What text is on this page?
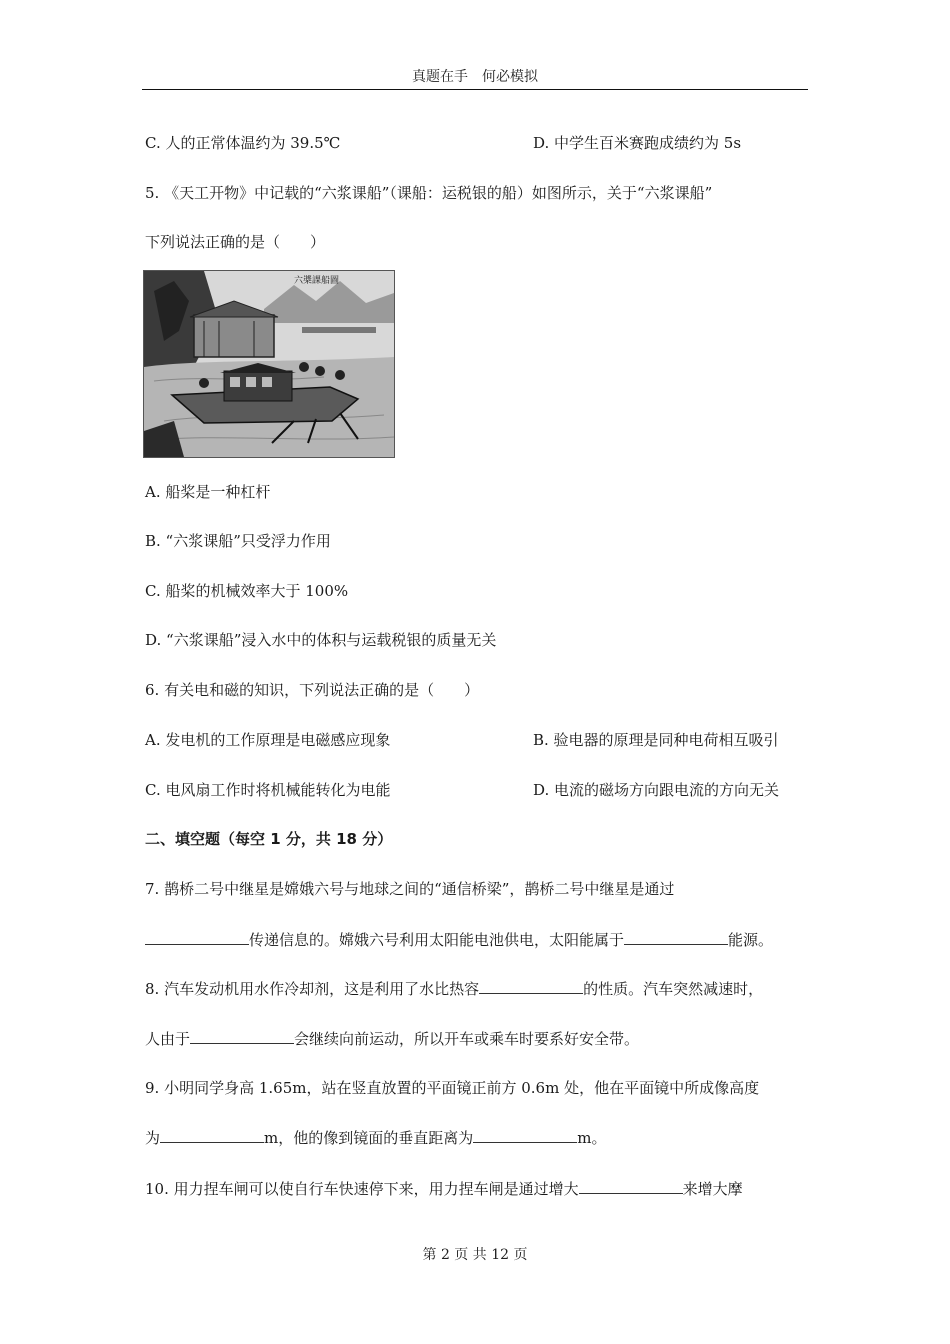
真题在手　何必模拟
C. 人的正常体温约为 39.5℃	D. 中学生百米赛跑成绩约为 5s
5. 《天工开物》中记载的“六浆课船”（课船：运税银的船）如图所示，关于“六浆课船”
下列说法正确的是（　　）
六槳課船圖
A. 船桨是一种杠杆
B. “六浆课船”只受浮力作用
C. 船桨的机械效率大于 100%
D. “六浆课船”浸入水中的体积与运载税银的质量无关
6. 有关电和磁的知识，下列说法正确的是（　　）
A. 发电机的工作原理是电磁感应现象	B. 验电器的原理是同种电荷相互吸引
C. 电风扇工作时将机械能转化为电能	D. 电流的磁场方向跟电流的方向无关
二、填空题（每空 1 分，共 18 分）
7. 鹊桥二号中继星是嫦娥六号与地球之间的“通信桥梁”，鹊桥二号中继星是通过
传递信息的。嫦娥六号利用太阳能电池供电，太阳能属于	能源。
8. 汽车发动机用水作冷却剂，这是利用了水比热容	的性质。汽车突然减速时，
人由于	会继续向前运动，所以开车或乘车时要系好安全带。
9. 小明同学身高 1.65m，站在竖直放置的平面镜正前方 0.6m 处，他在平面镜中所成像高度
为	m，他的像到镜面的垂直距离为	m。
10. 用力捏车闸可以使自行车快速停下来，用力捏车闸是通过增大	来增大摩
第 2 页 共 12 页
